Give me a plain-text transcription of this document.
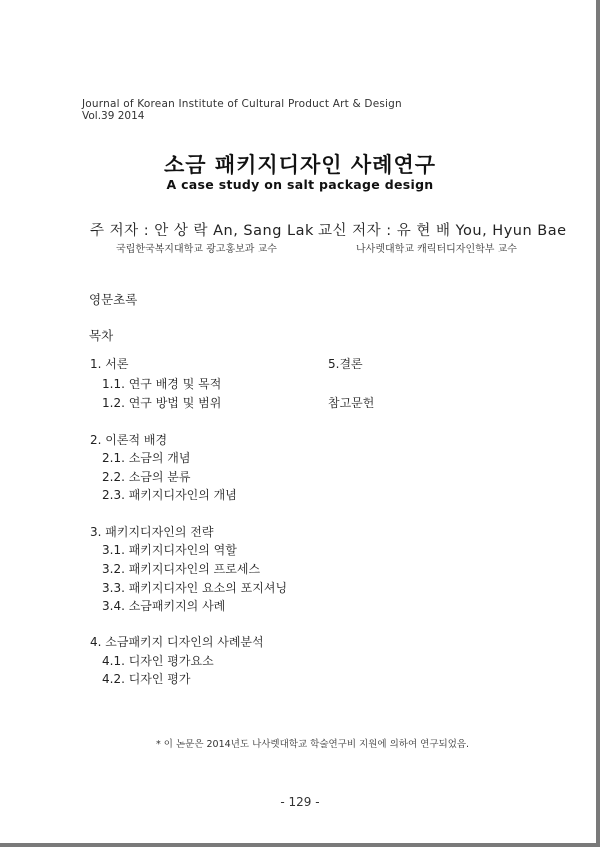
Journal of Korean Institute of Cultural Product Art & Design
Vol.39 2014
소금 패키지디자인 사례연구
A case study on salt package design
주 저자 : 안 상 락 An, Sang Lak 교신 저자 : 유 현 배 You, Hyun Bae
국립한국복지대학교 광고홍보과 교수	나사렛대학교 캐릭터디자인학부 교수
영문초록
목차
1. 서론	5.결론
1.1. 연구 배경 및 목적
1.2. 연구 방법 및 범위	참고문헌
2. 이론적 배경
2.1. 소금의 개념
2.2. 소금의 분류
2.3. 패키지디자인의 개념
3. 패키지디자인의 전략
3.1. 패키지디자인의 역할
3.2. 패키지디자인의 프로세스
3.3. 패키지디자인 요소의 포지셔닝
3.4. 소금패키지의 사례
4. 소금패키지 디자인의 사례분석
4.1. 디자인 평가요소
4.2. 디자인 평가
* 이 논문은 2014년도 나사렛대학교 학술연구비 지원에 의하여 연구되었음.
- 129 -
